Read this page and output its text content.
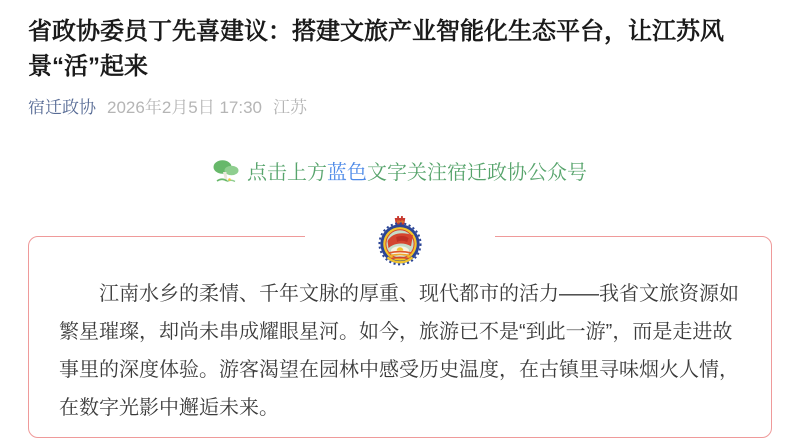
省政协委员丁先喜建议：搭建文旅产业智能化生态平台，让江苏风景“活”起来
宿迁政协 2026年2月5日 17:30 江苏
点击上方蓝色文字关注宿迁政协公众号
1949

江南水乡的柔情、千年文脉的厚重、现代都市的活力——我省文旅资源如繁星璀璨，却尚未串成耀眼星河。如今，旅游已不是“到此一游”，而是走进故事里的深度体验。游客渴望在园林中感受历史温度，在古镇里寻味烟火人情，在数字光影中邂逅未来。
